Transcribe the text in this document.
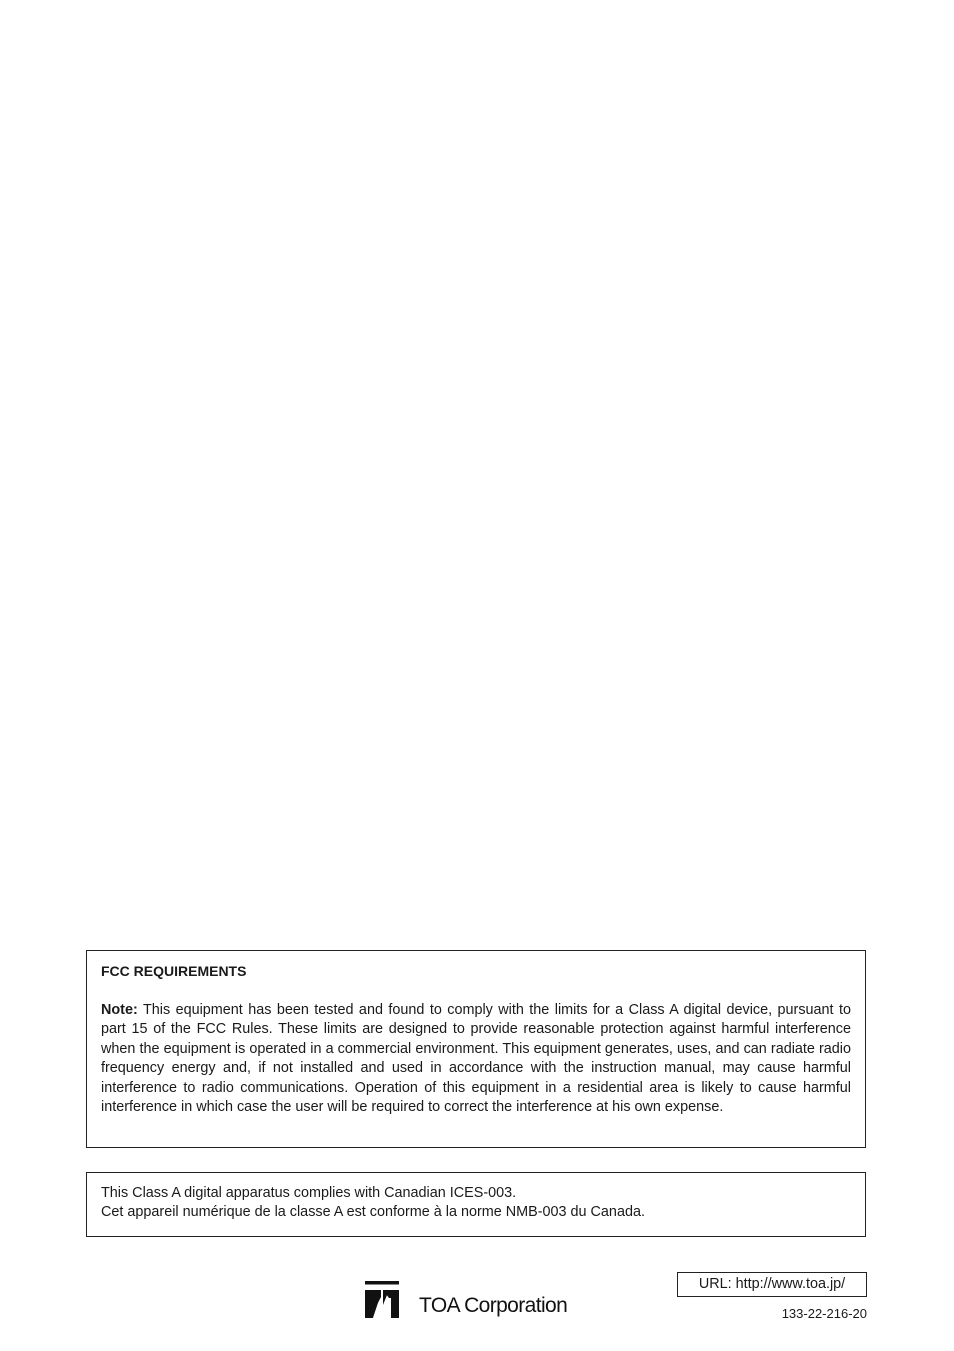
FCC REQUIREMENTS

Note: This equipment has been tested and found to comply with the limits for a Class A digital device, pursuant to part 15 of the FCC Rules. These limits are designed to provide reasonable protection against harmful interference when the equipment is operated in a commercial environment. This equipment generates, uses, and can radiate radio frequency energy and, if not installed and used in accordance with the instruction manual, may cause harmful interference to radio communications. Operation of this equipment in a residential area is likely to cause harmful interference in which case the user will be required to correct the interference at his own expense.

This Class A digital apparatus complies with Canadian ICES-003.
Cet appareil numérique de la classe A est conforme à la norme NMB-003 du Canada.
TOA Corporation
URL: http://www.toa.jp/
133-22-216-20
